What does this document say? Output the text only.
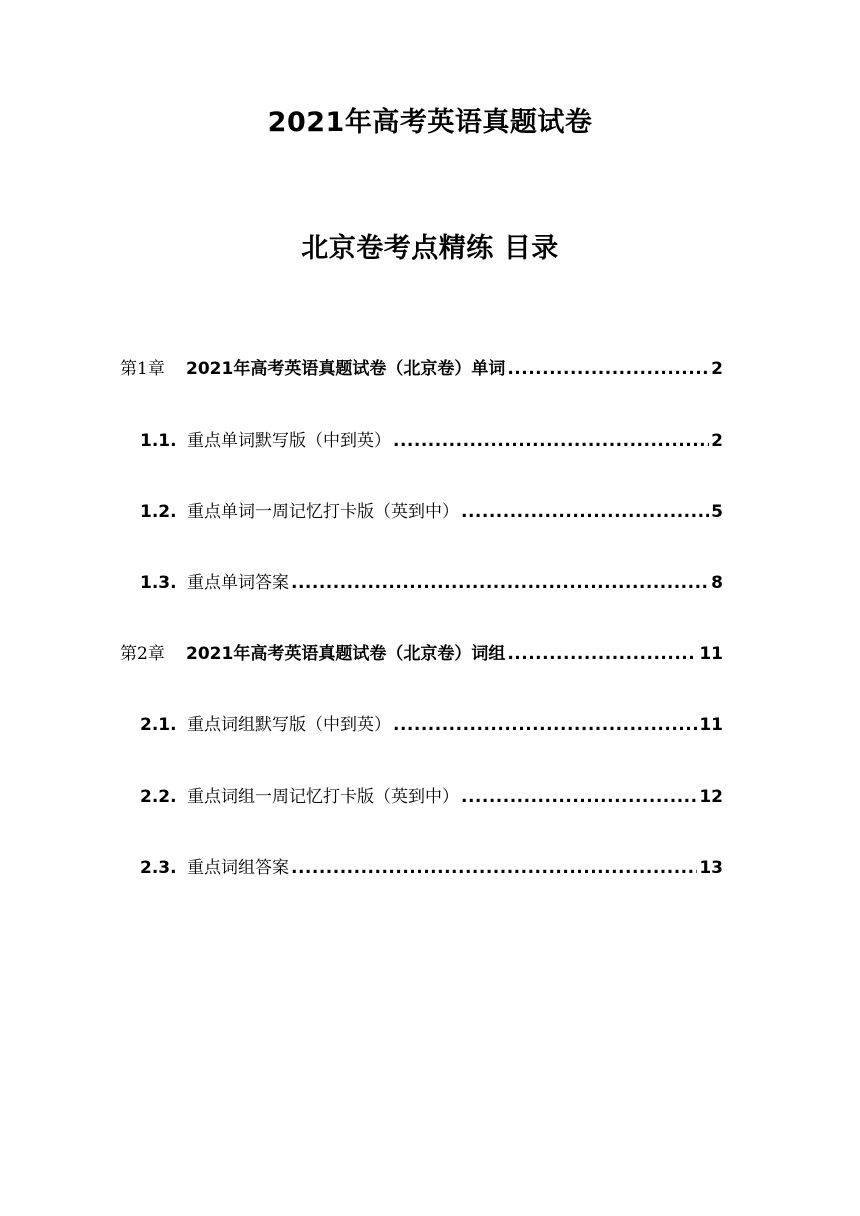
2021年高考英语真题试卷
北京卷考点精练 目录
第1章	2021年高考英语真题试卷（北京卷）单词 .....	2
1.1. 重点单词默写版（中到英） .....	2
1.2. 重点单词一周记忆打卡版（英到中） .....	5
1.3. 重点单词答案 .....	8
第2章	2021年高考英语真题试卷（北京卷）词组 .....	11
2.1. 重点词组默写版（中到英） .....	11
2.2. 重点词组一周记忆打卡版（英到中） .....	12
2.3. 重点词组答案 .....	13
